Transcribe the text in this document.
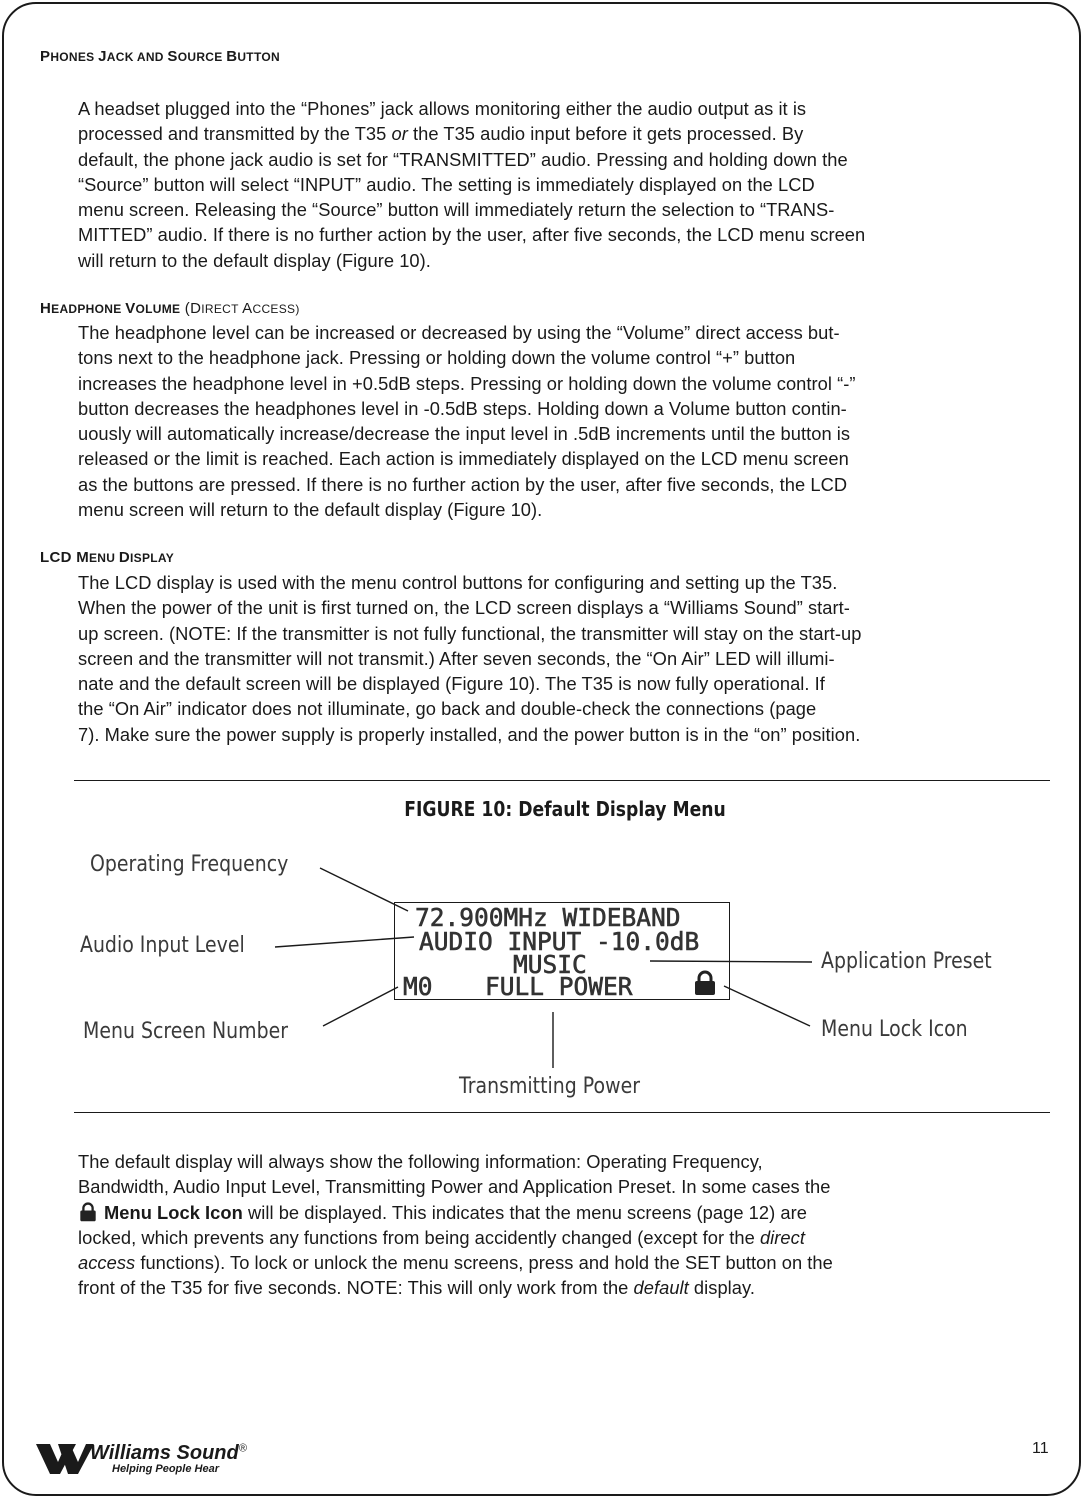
PHONES JACK AND SOURCE BUTTON
A headset plugged into the “Phones” jack allows monitoring either the audio output as it is
processed and transmitted by the T35 or the T35 audio input before it gets processed. By
default, the phone jack audio is set for “TRANSMITTED” audio. Pressing and holding down the
“Source” button will select “INPUT” audio. The setting is immediately displayed on the LCD
menu screen. Releasing the “Source” button will immediately return the selection to “TRANS-
MITTED” audio. If there is no further action by the user, after five seconds, the LCD menu screen
will return to the default display (Figure 10).
HEADPHONE VOLUME (DIRECT ACCESS)
The headphone level can be increased or decreased by using the “Volume” direct access but-
tons next to the headphone jack. Pressing or holding down the volume control “+” button
increases the headphone level in +0.5dB steps. Pressing or holding down the volume control “-”
button decreases the headphones level in -0.5dB steps. Holding down a Volume button contin-
uously will automatically increase/decrease the input level in .5dB increments until the button is
released or the limit is reached. Each action is immediately displayed on the LCD menu screen
as the buttons are pressed. If there is no further action by the user, after five seconds, the LCD
menu screen will return to the default display (Figure 10).
LCD MENU DISPLAY
The LCD display is used with the menu control buttons for configuring and setting up the T35.
When the power of the unit is first turned on, the LCD screen displays a “Williams Sound” start-
up screen. (NOTE: If the transmitter is not fully functional, the transmitter will stay on the start-up
screen and the transmitter will not transmit.) After seven seconds, the “On Air” LED will illumi-
nate and the default screen will be displayed (Figure 10). The T35 is now fully operational. If
the “On Air” indicator does not illuminate, go back and double-check the connections (page
7). Make sure the power supply is properly installed, and the power button is in the “on” position.
FIGURE 10: Default Display Menu
Operating Frequency
Audio Input Level
Menu Screen Number
Application Preset
Menu Lock Icon
Transmitting Power
72.900MHz WIDEBAND
AUDIO INPUT -10.0dB
MUSIC
M0 FULL POWER
The default display will always show the following information: Operating Frequency,
Bandwidth, Audio Input Level, Transmitting Power and Application Preset. In some cases the
Menu Lock Icon will be displayed. This indicates that the menu screens (page 12) are
locked, which prevents any functions from being accidently changed (except for the direct
access functions). To lock or unlock the menu screens, press and hold the SET button on the
front of the T35 for five seconds. NOTE: This will only work from the default display.
Williams Sound®
Helping People Hear
11
